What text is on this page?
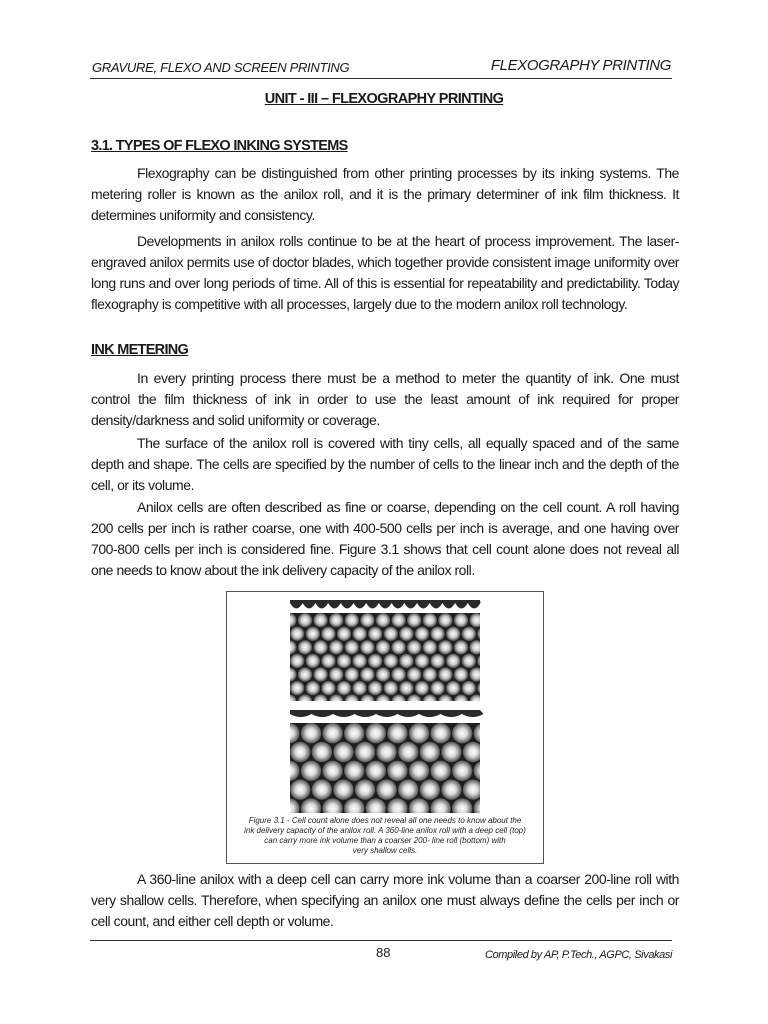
GRAVURE, FLEXO AND SCREEN PRINTING	FLEXOGRAPHY PRINTING
UNIT - III – FLEXOGRAPHY PRINTING
3.1. TYPES OF FLEXO INKING SYSTEMS

Flexography can be distinguished from other printing processes by its inking systems. The metering roller is known as the anilox roll, and it is the primary determiner of ink film thickness. It determines uniformity and consistency.

Developments in anilox rolls continue to be at the heart of process improvement. The laser-engraved anilox permits use of doctor blades, which together provide consistent image uniformity over long runs and over long periods of time. All of this is essential for repeatability and predictability. Today flexography is competitive with all processes, largely due to the modern anilox roll technology.

INK METERING

In every printing process there must be a method to meter the quantity of ink. One must control the film thickness of ink in order to use the least amount of ink required for proper density/darkness and solid uniformity or coverage.

The surface of the anilox roll is covered with tiny cells, all equally spaced and of the same depth and shape. The cells are specified by the number of cells to the linear inch and the depth of the cell, or its volume.

Anilox cells are often described as fine or coarse, depending on the cell count. A roll having 200 cells per inch is rather coarse, one with 400-500 cells per inch is average, and one having over 700-800 cells per inch is considered fine. Figure 3.1 shows that cell count alone does not reveal all one needs to know about the ink delivery capacity of the anilox roll.

Figure 3.1 - Cell count alone does not reveal all one needs to know about the
ink delivery capacity of the anilox roll. A 360-line anilox roll with a deep cell (top)
can carry more ink volume than a coarser 200- line roll (bottom) with
very shallow cells.

A 360-line anilox with a deep cell can carry more ink volume than a coarser 200-line roll with very shallow cells. Therefore, when specifying an anilox one must always define the cells per inch or cell count, and either cell depth or volume.

88	Compiled by AP, P.Tech., AGPC, Sivakasi
